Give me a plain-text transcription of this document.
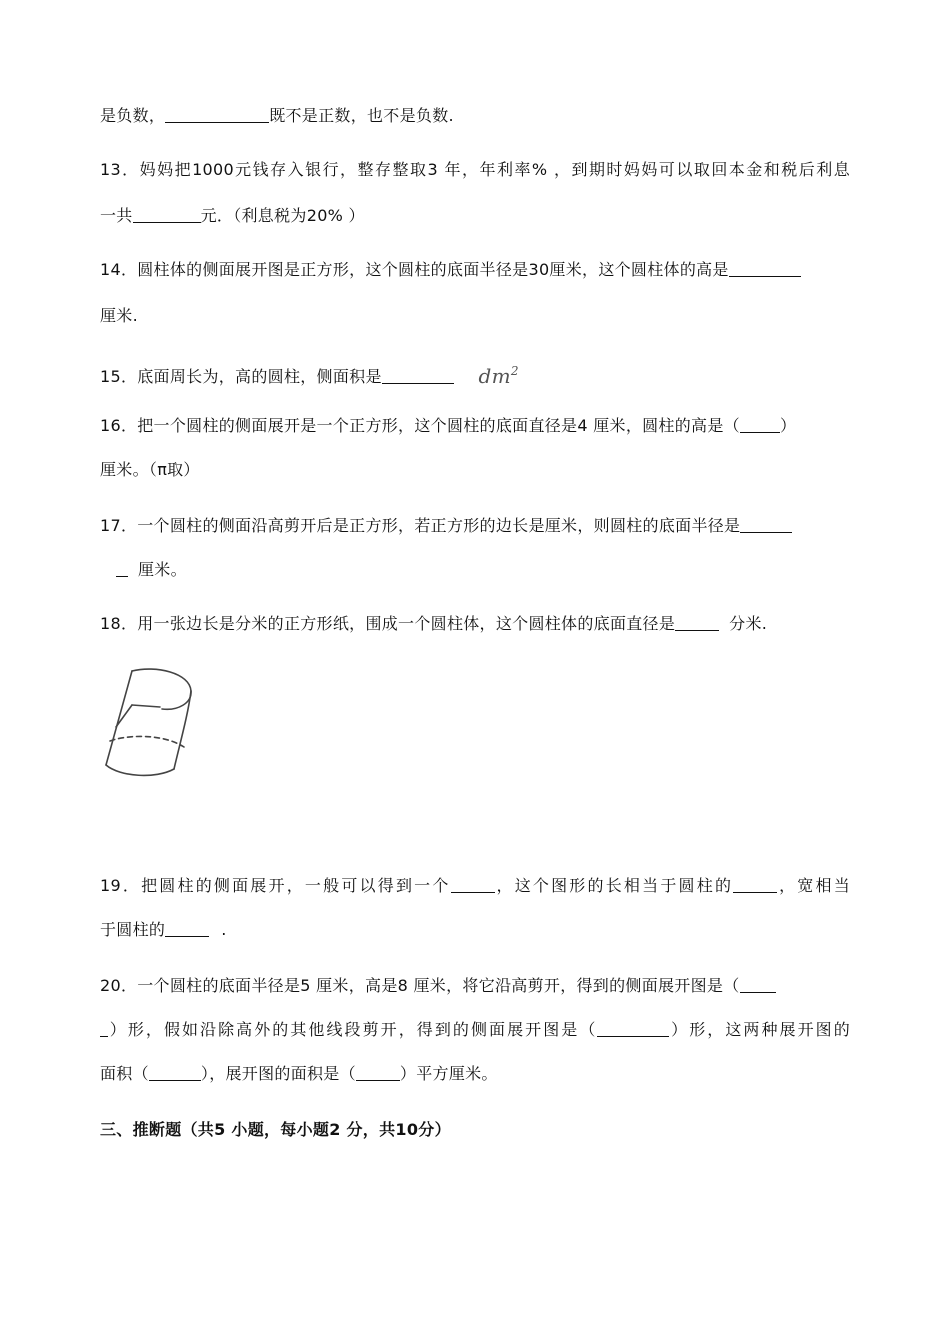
是负数，	既不是正数，也不是负数.
13．妈妈把1000元钱存入银行，整存整取3 年，年利率% ，到期时妈妈可以取回本金和税后利息
一共	元．（利息税为20% ）
14．圆柱体的侧面展开图是正方形，这个圆柱的底面半径是30厘米，这个圆柱体的高是
厘米.
15．底面周长为，高的圆柱，侧面积是	$dm^2$
16．把一个圆柱的侧面展开是一个正方形，这个圆柱的底面直径是4 厘米，圆柱的高是（	）
厘米。（π取）
17．一个圆柱的侧面沿高剪开后是正方形，若正方形的边长是厘米，则圆柱的底面半径是
厘米。
18．用一张边长是分米的正方形纸，围成一个圆柱体，这个圆柱体的底面直径是	分米.
19．把圆柱的侧面展开，一般可以得到一个	，这个图形的长相当于圆柱的	，宽相当
于圆柱的	.
20．一个圆柱的底面半径是5 厘米，高是8 厘米，将它沿高剪开，得到的侧面展开图是（
）形，假如沿除高外的其他线段剪开，得到的侧面展开图是（	）形，这两种展开图的
面积（	），展开图的面积是（	）平方厘米。
三、推断题（共5 小题，每小题2 分，共10分）
